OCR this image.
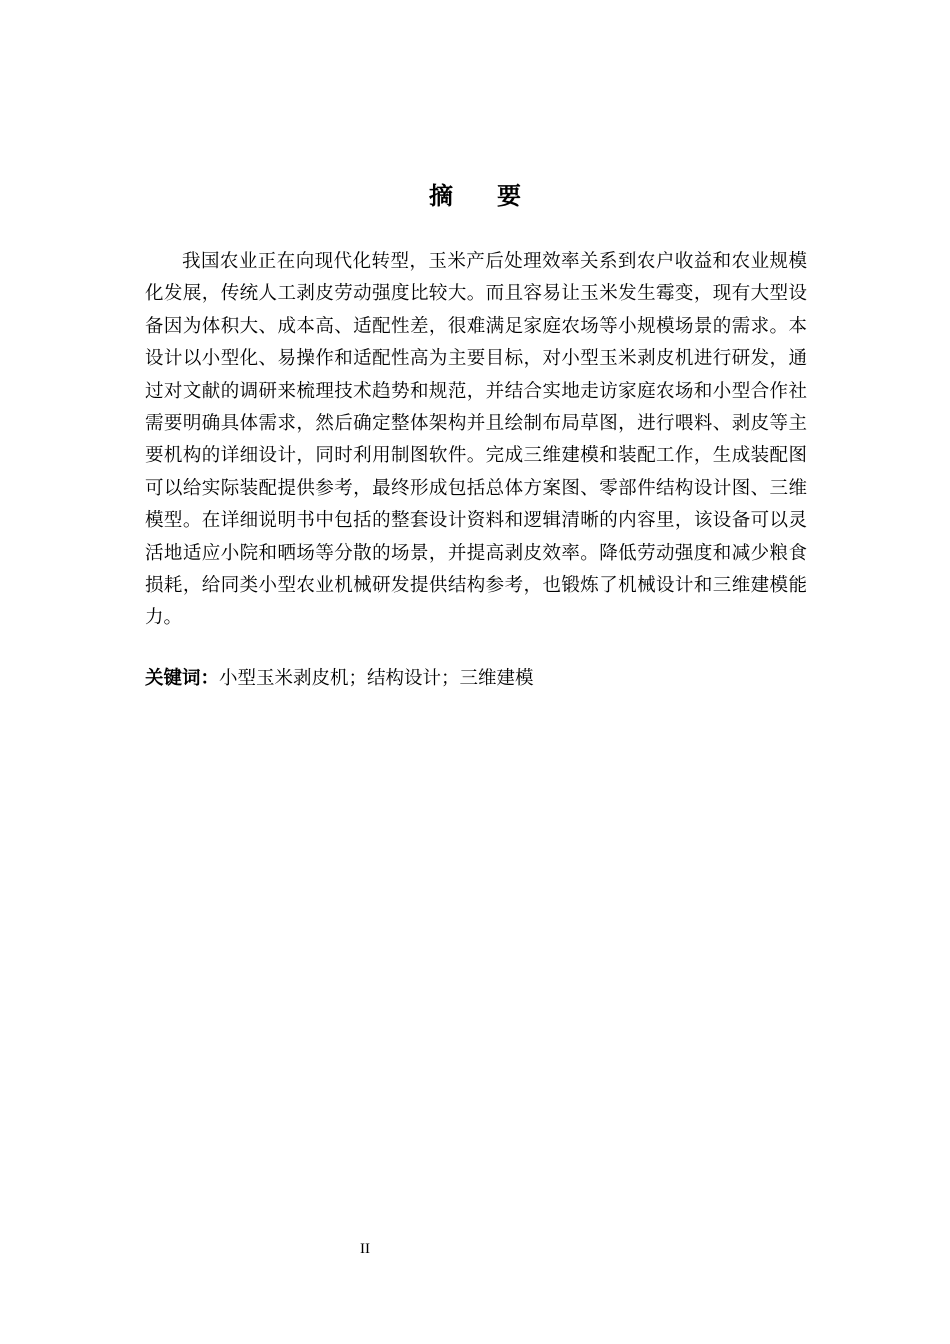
摘要

我国农业正在向现代化转型，玉米产后处理效率关系到农户收益和农业规模化发展，传统人工剥皮劳动强度比较大。而且容易让玉米发生霉变，现有大型设备因为体积大、成本高、适配性差，很难满足家庭农场等小规模场景的需求。本设计以小型化、易操作和适配性高为主要目标，对小型玉米剥皮机进行研发，通过对文献的调研来梳理技术趋势和规范，并结合实地走访家庭农场和小型合作社需要明确具体需求，然后确定整体架构并且绘制布局草图，进行喂料、剥皮等主要机构的详细设计，同时利用制图软件。完成三维建模和装配工作，生成装配图可以给实际装配提供参考，最终形成包括总体方案图、零部件结构设计图、三维模型。在详细说明书中包括的整套设计资料和逻辑清晰的内容里，该设备可以灵活地适应小院和晒场等分散的场景，并提高剥皮效率。降低劳动强度和减少粮食损耗，给同类小型农业机械研发提供结构参考，也锻炼了机械设计和三维建模能力。

关键词：小型玉米剥皮机；结构设计；三维建模

II
